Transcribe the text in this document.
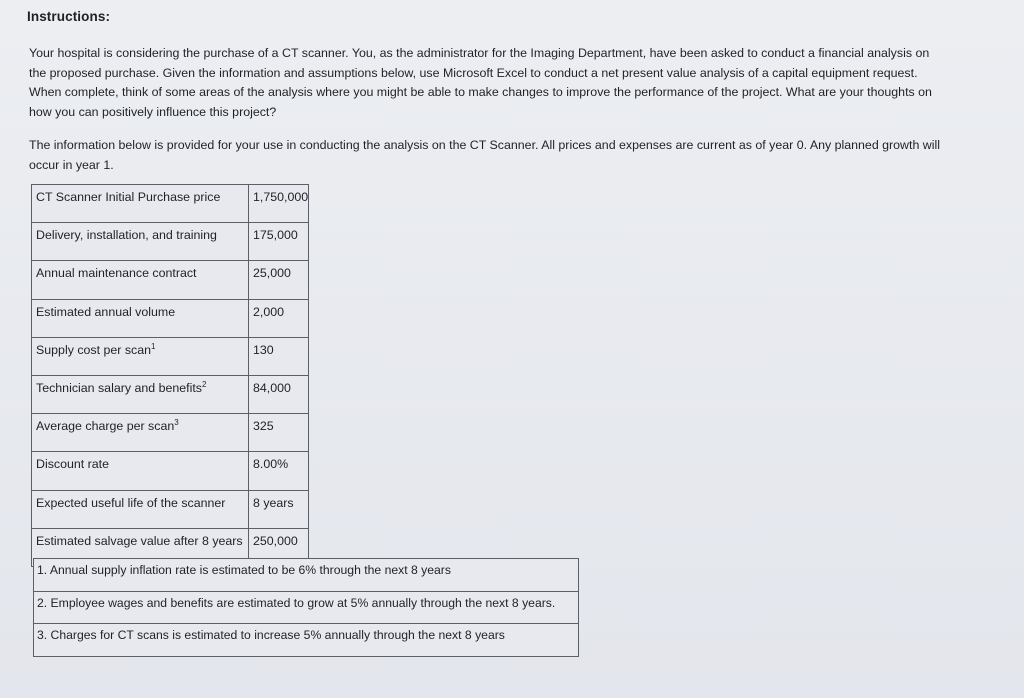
Instructions:

Your hospital is considering the purchase of a CT scanner. You, as the administrator for the Imaging Department, have been asked to conduct a financial analysis on
the proposed purchase. Given the information and assumptions below, use Microsoft Excel to conduct a net present value analysis of a capital equipment request.
When complete, think of some areas of the analysis where you might be able to make changes to improve the performance of the project. What are your thoughts on
how you can positively influence this project?

The information below is provided for your use in conducting the analysis on the CT Scanner. All prices and expenses are current as of year 0. Any planned growth will
occur in year 1.

CT Scanner Initial Purchase price	1,750,000
Delivery, installation, and training	175,000
Annual maintenance contract	25,000
Estimated annual volume	2,000
Supply cost per scan$^1$	130
Technician salary and benefits$^2$	84,000
Average charge per scan$^3$	325
Discount rate	8.00%
Expected useful life of the scanner	8 years
Estimated salvage value after 8 years	250,000
1. Annual supply inflation rate is estimated to be 6% through the next 8 years
2. Employee wages and benefits are estimated to grow at 5% annually through the next 8 years.
3. Charges for CT scans is estimated to increase 5% annually through the next 8 years
